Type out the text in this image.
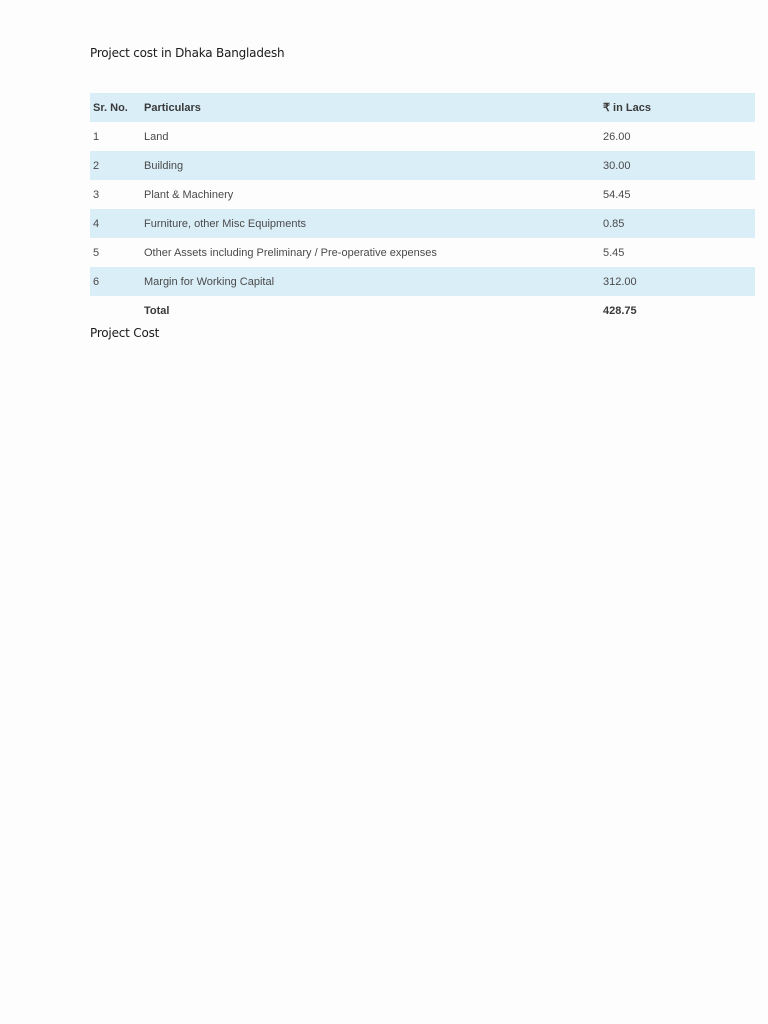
Project cost in Dhaka Bangladesh
Sr. No.	Particulars	₹ in Lacs
1	Land	26.00
2	Building	30.00
3	Plant & Machinery	54.45
4	Furniture, other Misc Equipments	0.85
5	Other Assets including Preliminary / Pre-operative expenses	5.45
6	Margin for Working Capital	312.00
	Total	428.75
Project Cost
